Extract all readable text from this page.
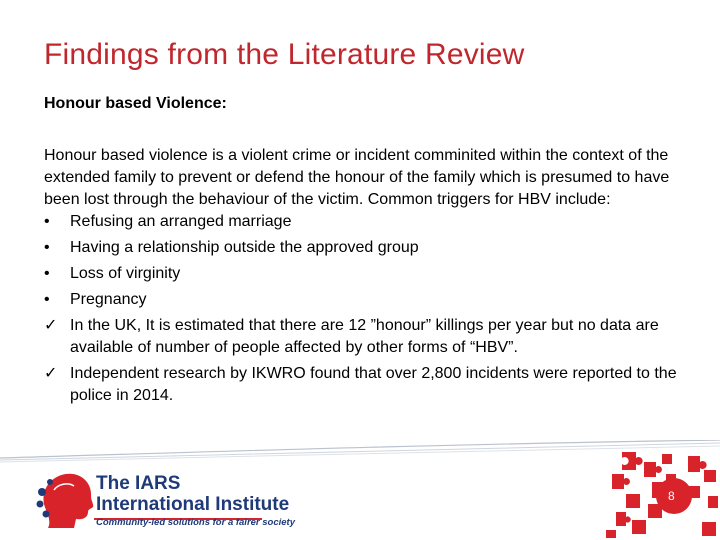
Findings from the Literature Review
Honour based Violence:

Honour based violence is a violent crime or incident comminited within the context of the extended family to prevent or defend the honour of the family which is presumed to have been lost through the behaviour of the victim. Common triggers for HBV include:

•	Refusing an arranged marriage
•	Having a relationship outside the approved group
•	Loss of virginity
•	Pregnancy
✓ In the UK, It is estimated that there are 12 ”honour” killings per year but no data are available of number of people affected by other forms of “HBV”.
✓ Independent research by IKWRO found that over 2,800 incidents were reported to the police in 2014.

The IARS

International Institute

Community-led solutions for a fairer society

8
